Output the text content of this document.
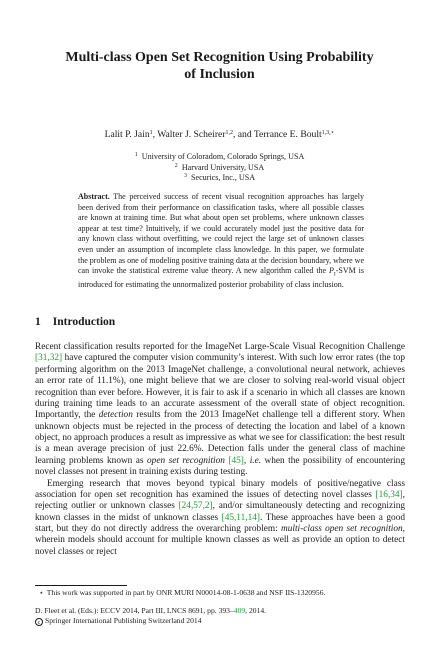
Multi-class Open Set Recognition Using Probability
of Inclusion
Lalit P. Jain$^1$, Walter J. Scheirer$^{1,2}$, and Terrance E. Boult$^{1,3,⋆}$
$^1$ University of Coloradom, Colorado Springs, USA
$^2$ Harvard University, USA
$^3$ Securics, Inc., USA
Abstract. The perceived success of recent visual recognition approaches has largely been derived from their performance on classification tasks, where all possible classes are known at training time. But what about open set problems, where unknown classes appear at test time? Intuitively, if we could accurately model just the positive data for any known class without overfitting, we could reject the large set of unknown classes even under an assumption of incomplete class knowledge. In this paper, we formulate the problem as one of modeling positive training data at the decision boundary, where we can invoke the statistical extreme value theory. A new algorithm called the $P_I$-SVM is introduced for estimating the unnormalized posterior probability of class inclusion.
1 Introduction

Recent classification results reported for the ImageNet Large-Scale Visual Recognition Challenge [31,32] have captured the computer vision community’s interest. With such low error rates (the top performing algorithm on the 2013 ImageNet challenge, a convolutional neural network, achieves an error rate of 11.1%), one might believe that we are closer to solving real-world visual object recognition than ever before. However, it is fair to ask if a scenario in which all classes are known during training time leads to an accurate assessment of the overall state of object recognition. Importantly, the detection results from the 2013 ImageNet challenge tell a different story. When unknown objects must be rejected in the process of detecting the location and label of a known object, no approach produces a result as impressive as what we see for classification: the best result is a mean average precision of just 22.6%. Detection falls under the general class of machine learning problems known as open set recognition [45], i.e. when the possibility of encountering novel classes not present in training exists during testing.

Emerging research that moves beyond typical binary models of positive/negative class association for open set recognition has examined the issues of detecting novel classes [16,34], rejecting outlier or unknown classes [24,57,2], and/or simultaneously detecting and recognizing known classes in the midst of unknown classes [45,11,14]. These approaches have been a good start, but they do not directly address the overarching problem: multi-class open set recognition, wherein models should account for multiple known classes as well as provide an option to detect novel classes or reject

⋆ This work was supported in part by ONR MURI N00014-08-1-0638 and NSF IIS-1320956.
D. Fleet et al. (Eds.): ECCV 2014, Part III, LNCS 8691, pp. 393–409, 2014.
c Springer International Publishing Switzerland 2014
